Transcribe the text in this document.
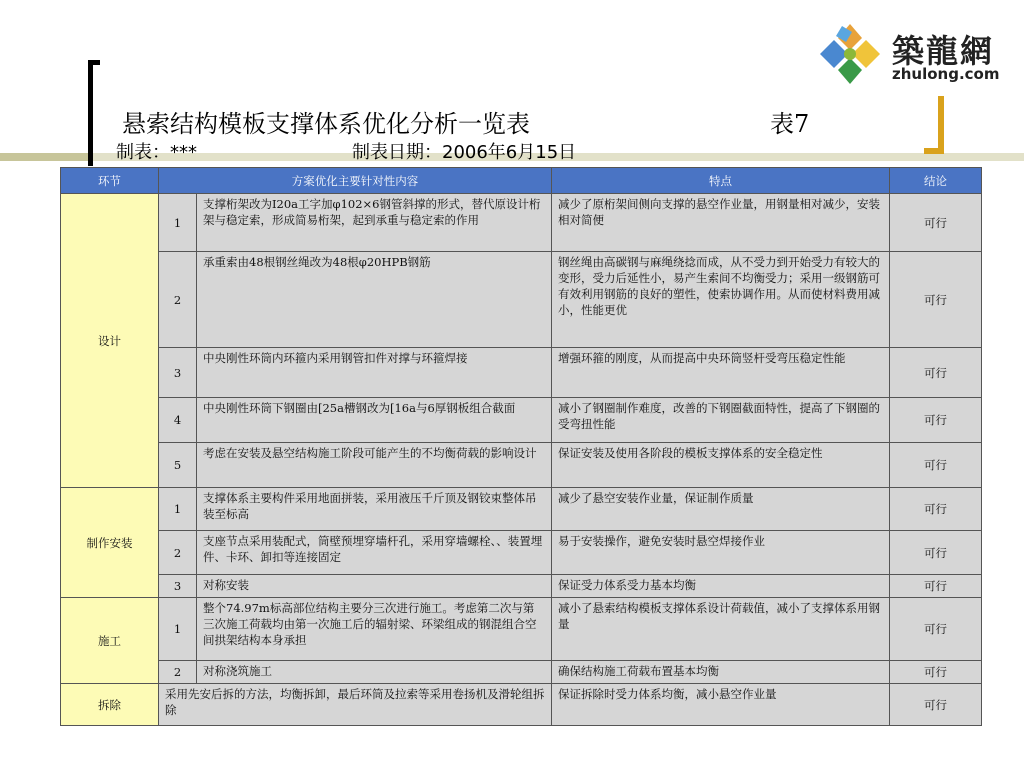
築龍網
zhulong.com
悬索结构模板支撑体系优化分析一览表	表7
制表：***	制表日期：2006年6月15日
环节	方案优化主要针对性内容		特点	结论
设计	1	支撑桁架改为I20a工字加φ102×6钢管斜撑的形式，替代原设计桁架与稳定索，形成简易桁架，起到承重与稳定索的作用	减少了原桁架间侧向支撑的悬空作业量，用钢量相对减少，安装相对简便	可行
	2	承重索由48根钢丝绳改为48根φ20HPB钢筋	钢丝绳由高碳钢与麻绳绕捻而成，从不受力到开始受力有较大的变形，受力后延性小，易产生索间不均衡受力；采用一级钢筋可有效利用钢筋的良好的塑性，使索协调作用。从而使材料费用减小，性能更优	可行
	3	中央刚性环筒内环箍内采用钢管扣件对撑与环箍焊接	增强环箍的刚度，从而提高中央环筒竖杆受弯压稳定性能	可行
	4	中央刚性环筒下钢圈由[25a槽钢改为[16a与6厚钢板组合截面	减小了钢圈制作难度，改善的下钢圈截面特性，提高了下钢圈的受弯扭性能	可行
	5	考虑在安装及悬空结构施工阶段可能产生的不均衡荷载的影响设计	保证安装及使用各阶段的模板支撑体系的安全稳定性	可行
制作安装	1	支撑体系主要构件采用地面拼装，采用液压千斤顶及钢铰束整体吊装至标高	减少了悬空安装作业量，保证制作质量	可行
	2	支座节点采用装配式，筒壁预埋穿墙杆孔，采用穿墙螺栓、、装置埋件、卡环、卸扣等连接固定	易于安装操作，避免安装时悬空焊接作业	可行
	3	对称安装	保证受力体系受力基本均衡	可行
施工	1	整个74.97m标高部位结构主要分三次进行施工。考虑第二次与第三次施工荷载均由第一次施工后的辐射梁、环梁组成的钢混组合空间拱架结构本身承担	减小了悬索结构模板支撑体系设计荷载值，减小了支撑体系用钢量	可行
	2	对称浇筑施工	确保结构施工荷载布置基本均衡	可行
拆除	采用先安后拆的方法，均衡拆卸，最后环筒及拉索等采用卷扬机及滑轮组拆除		保证拆除时受力体系均衡，减小悬空作业量	可行
